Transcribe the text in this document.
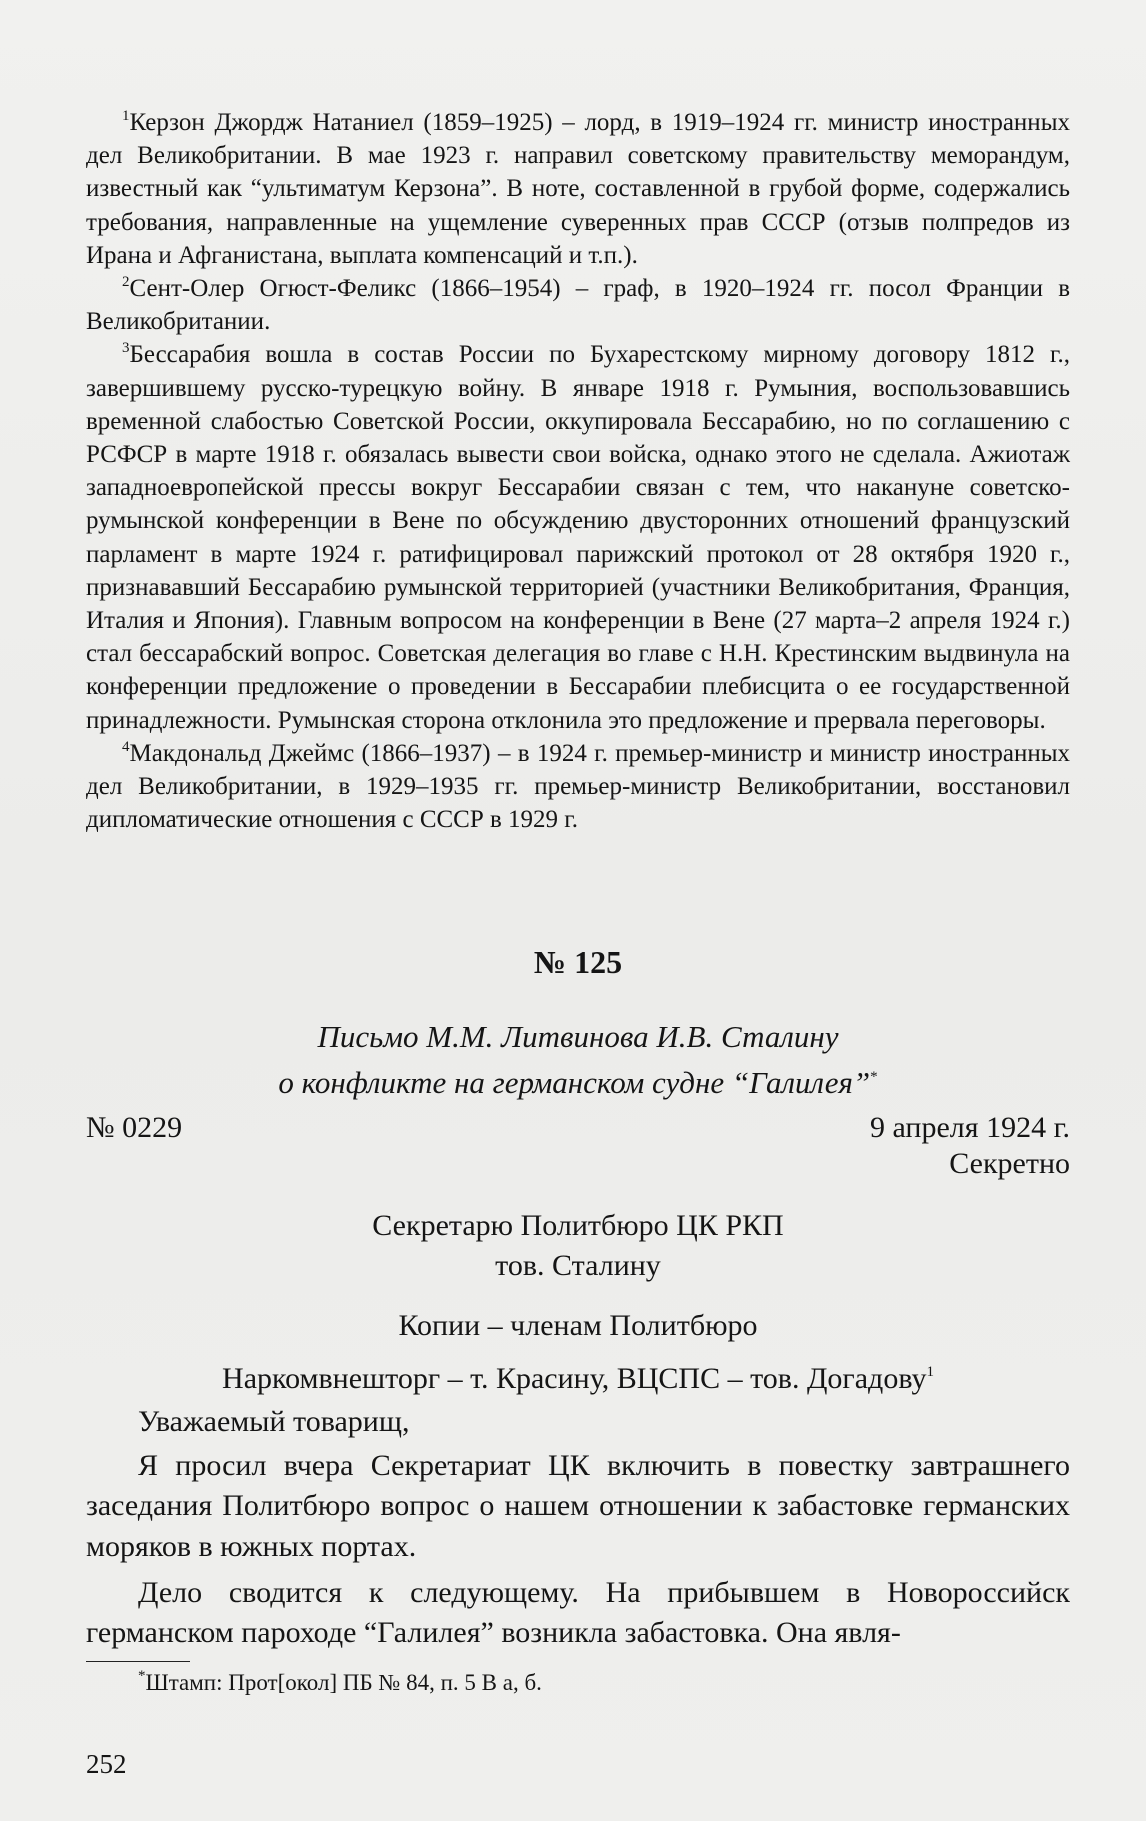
$^1$Керзон Джордж Натаниел (1859–1925) – лорд, в 1919–1924 гг. министр иностранных дел Великобритании. В мае 1923 г. направил советскому правительству меморандум, известный как “ультиматум Керзона”. В ноте, составленной в грубой форме, содержались требования, направленные на ущемление суверенных прав СССР (отзыв полпредов из Ирана и Афганистана, выплата компенсаций и т.п.).

$^2$Сент-Олер Огюст-Феликс (1866–1954) – граф, в 1920–1924 гг. посол Франции в Великобритании.

$^3$Бессарабия вошла в состав России по Бухарестскому мирному договору 1812 г., завершившему русско-турецкую войну. В январе 1918 г. Румыния, воспользовавшись временной слабостью Советской России, оккупировала Бессарабию, но по соглашению с РСФСР в марте 1918 г. обязалась вывести свои войска, однако этого не сделала. Ажиотаж западноевропейской прессы вокруг Бессарабии связан с тем, что накануне советско-румынской конференции в Вене по обсуждению двусторонних отношений французский парламент в марте 1924 г. ратифицировал парижский протокол от 28 октября 1920 г., признававший Бессарабию румынской территорией (участники Великобритания, Франция, Италия и Япония). Главным вопросом на конференции в Вене (27 марта–2 апреля 1924 г.) стал бессарабский вопрос. Советская делегация во главе с Н.Н. Крестинским выдвинула на конференции предложение о проведении в Бессарабии плебисцита о ее государственной принадлежности. Румынская сторона отклонила это предложение и прервала переговоры.

$^4$Макдональд Джеймс (1866–1937) – в 1924 г. премьер-министр и министр иностранных дел Великобритании, в 1929–1935 гг. премьер-министр Великобритании, восстановил дипломатические отношения с СССР в 1929 г.

№ 125
Письмо М.М. Литвинова И.В. Сталину
о конфликте на германском судне “Галилея”*
№ 0229	9 апреля 1924 г.
Секретно
Секретарю Политбюро ЦК РКП
тов. Сталину
Копии – членам Политбюро
Наркомвнешторг – т. Красину, ВЦСПС – тов. Догадову$^1$

Уважаемый товарищ,

Я просил вчера Секретариат ЦК включить в повестку завтрашнего заседания Политбюро вопрос о нашем отношении к забастовке германских моряков в южных портах.

Дело сводится к следующему. На прибывшем в Новороссийск германском пароходе “Галилея” возникла забастовка. Она явля-

*Штамп: Прот[окол] ПБ № 84, п. 5 В а, б.

252
